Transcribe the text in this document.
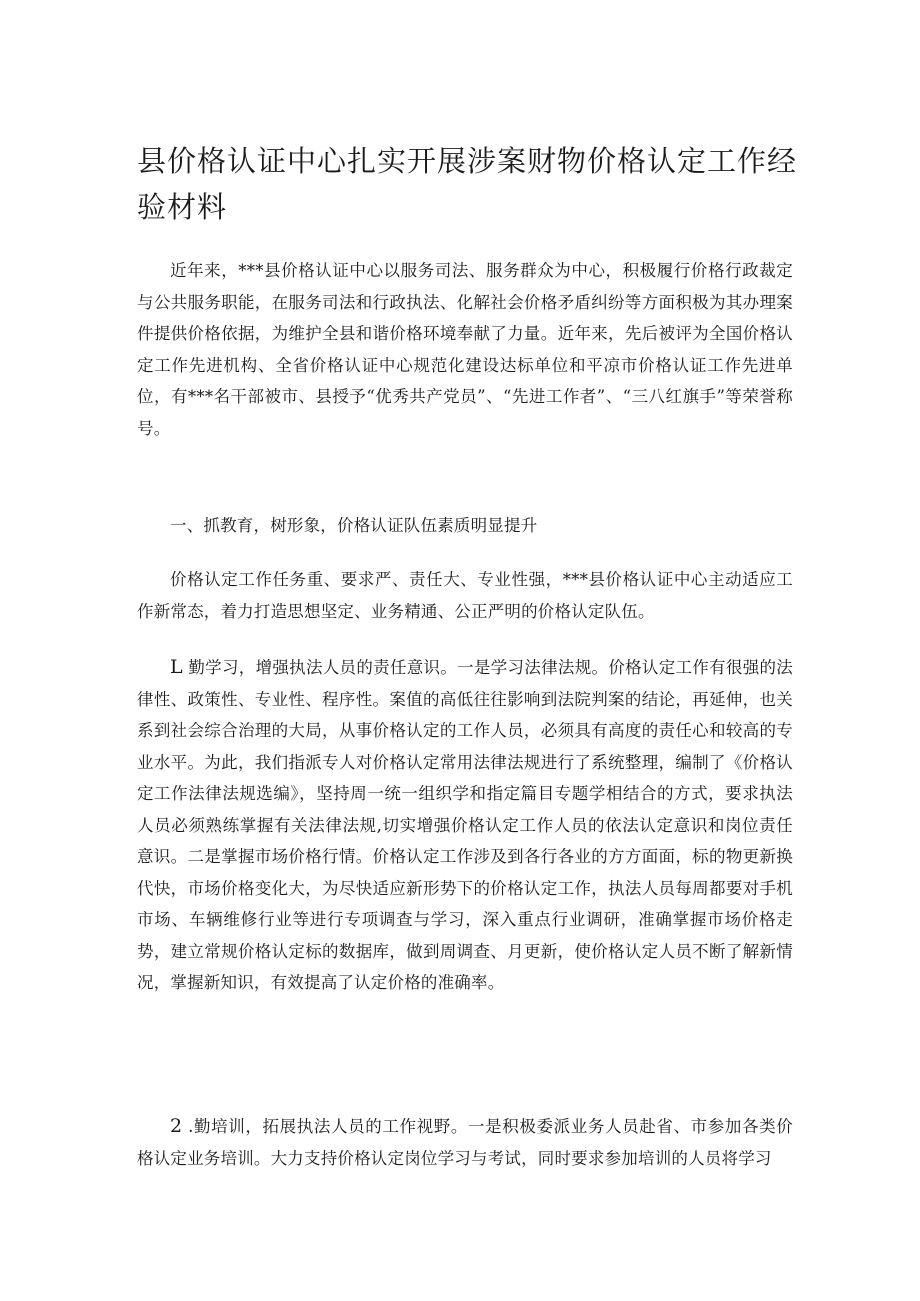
县价格认证中心扎实开展涉案财物价格认定工作经验材料

近年来，***县价格认证中心以服务司法、服务群众为中心，积极履行价格行政裁定与公共服务职能，在服务司法和行政执法、化解社会价格矛盾纠纷等方面积极为其办理案件提供价格依据，为维护全县和谐价格环境奉献了力量。近年来，先后被评为全国价格认定工作先进机构、全省价格认证中心规范化建设达标单位和平凉市价格认证工作先进单位，有***名干部被市、县授予“优秀共产党员”、“先进工作者”、“三八红旗手”等荣誉称号。

一、抓教育，树形象，价格认证队伍素质明显提升

价格认定工作任务重、要求严、责任大、专业性强，***县价格认证中心主动适应工作新常态，着力打造思想坚定、业务精通、公正严明的价格认定队伍。

L 勤学习，增强执法人员的责任意识。一是学习法律法规。价格认定工作有很强的法律性、政策性、专业性、程序性。案值的高低往往影响到法院判案的结论，再延伸，也关系到社会综合治理的大局，从事价格认定的工作人员，必须具有高度的责任心和较高的专业水平。为此，我们指派专人对价格认定常用法律法规进行了系统整理，编制了《价格认定工作法律法规选编》，坚持周一统一组织学和指定篇目专题学相结合的方式，要求执法人员必须熟练掌握有关法律法规,切实增强价格认定工作人员的依法认定意识和岗位责任意识。二是掌握市场价格行情。价格认定工作涉及到各行各业的方方面面，标的物更新换代快，市场价格变化大，为尽快适应新形势下的价格认定工作，执法人员每周都要对手机市场、车辆维修行业等进行专项调查与学习，深入重点行业调研，准确掌握市场价格走势，建立常规价格认定标的数据库，做到周调查、月更新，使价格认定人员不断了解新情况，掌握新知识，有效提高了认定价格的准确率。

2 .勤培训，拓展执法人员的工作视野。一是积极委派业务人员赴省、市参加各类价格认定业务培训。大力支持价格认定岗位学习与考试，同时要求参加培训的人员将学习
